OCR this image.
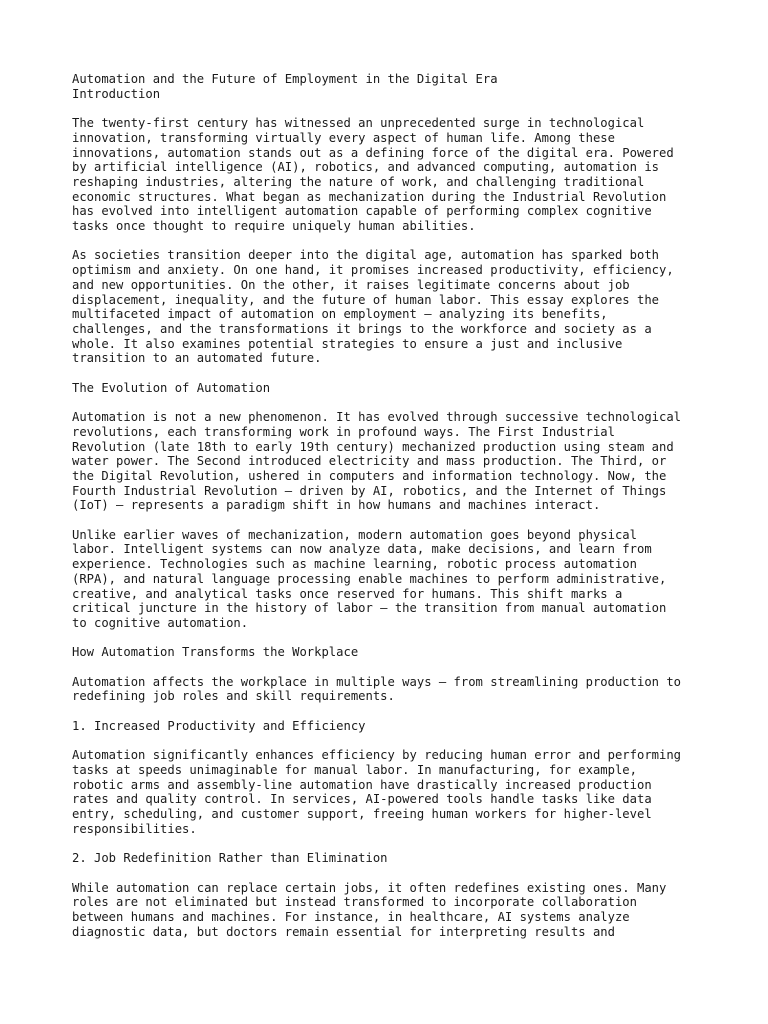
Automation and the Future of Employment in the Digital Era
Introduction

The twenty-first century has witnessed an unprecedented surge in technological
innovation, transforming virtually every aspect of human life. Among these
innovations, automation stands out as a defining force of the digital era. Powered
by artificial intelligence (AI), robotics, and advanced computing, automation is
reshaping industries, altering the nature of work, and challenging traditional
economic structures. What began as mechanization during the Industrial Revolution
has evolved into intelligent automation capable of performing complex cognitive
tasks once thought to require uniquely human abilities.

As societies transition deeper into the digital age, automation has sparked both
optimism and anxiety. On one hand, it promises increased productivity, efficiency,
and new opportunities. On the other, it raises legitimate concerns about job
displacement, inequality, and the future of human labor. This essay explores the
multifaceted impact of automation on employment — analyzing its benefits,
challenges, and the transformations it brings to the workforce and society as a
whole. It also examines potential strategies to ensure a just and inclusive
transition to an automated future.

The Evolution of Automation

Automation is not a new phenomenon. It has evolved through successive technological
revolutions, each transforming work in profound ways. The First Industrial
Revolution (late 18th to early 19th century) mechanized production using steam and
water power. The Second introduced electricity and mass production. The Third, or
the Digital Revolution, ushered in computers and information technology. Now, the
Fourth Industrial Revolution — driven by AI, robotics, and the Internet of Things
(IoT) — represents a paradigm shift in how humans and machines interact.

Unlike earlier waves of mechanization, modern automation goes beyond physical
labor. Intelligent systems can now analyze data, make decisions, and learn from
experience. Technologies such as machine learning, robotic process automation
(RPA), and natural language processing enable machines to perform administrative,
creative, and analytical tasks once reserved for humans. This shift marks a
critical juncture in the history of labor — the transition from manual automation
to cognitive automation.

How Automation Transforms the Workplace

Automation affects the workplace in multiple ways — from streamlining production to
redefining job roles and skill requirements.

1. Increased Productivity and Efficiency

Automation significantly enhances efficiency by reducing human error and performing
tasks at speeds unimaginable for manual labor. In manufacturing, for example,
robotic arms and assembly-line automation have drastically increased production
rates and quality control. In services, AI-powered tools handle tasks like data
entry, scheduling, and customer support, freeing human workers for higher-level
responsibilities.

2. Job Redefinition Rather than Elimination

While automation can replace certain jobs, it often redefines existing ones. Many
roles are not eliminated but instead transformed to incorporate collaboration
between humans and machines. For instance, in healthcare, AI systems analyze
diagnostic data, but doctors remain essential for interpreting results and
